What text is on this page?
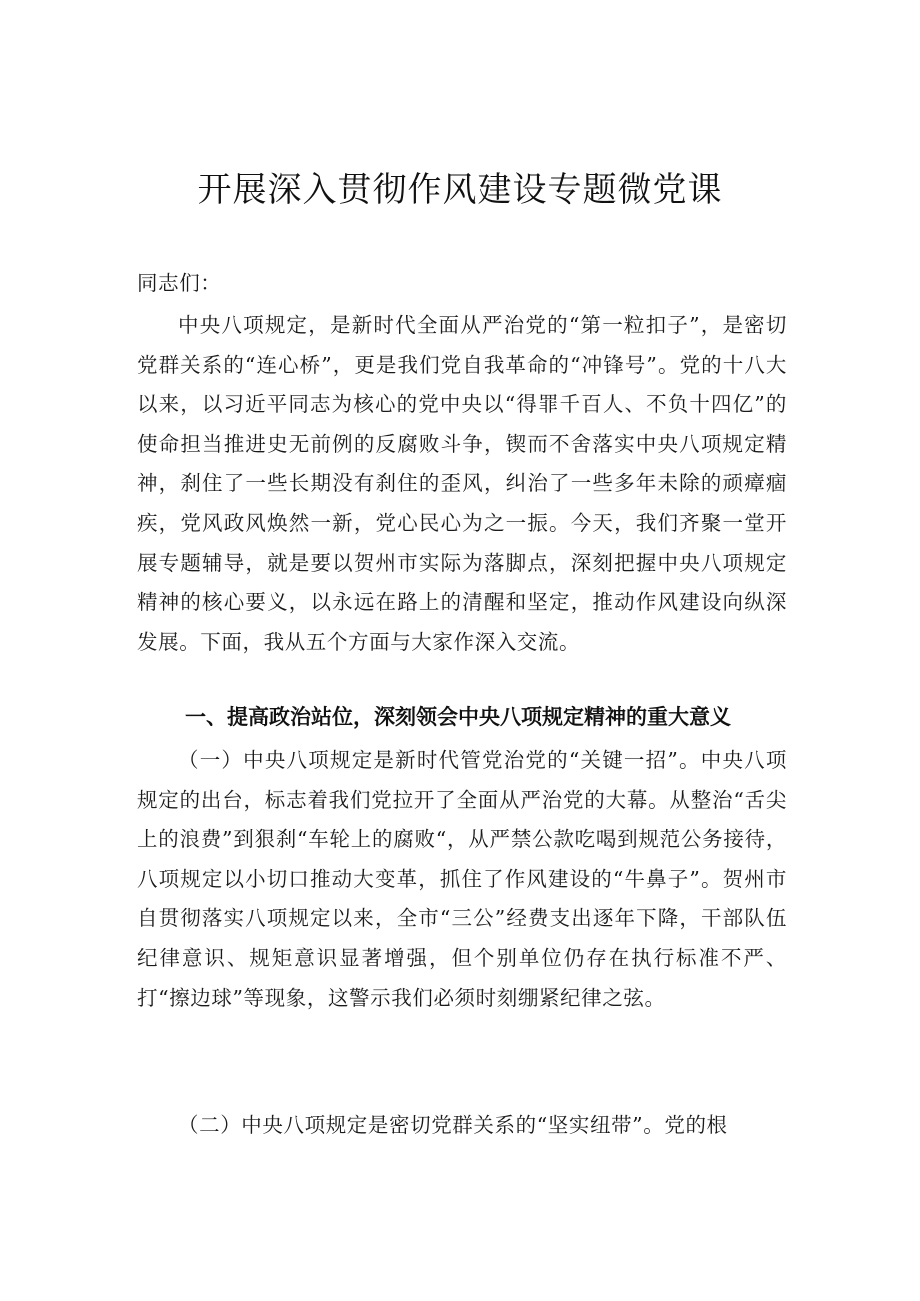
开展深入贯彻作风建设专题微党课

同志们：

中央八项规定，是新时代全面从严治党的“第一粒扣子”，是密切党群关系的“连心桥”，更是我们党自我革命的“冲锋号”。党的十八大以来，以习近平同志为核心的党中央以“得罪千百人、不负十四亿”的使命担当推进史无前例的反腐败斗争，锲而不舍落实中央八项规定精神，刹住了一些长期没有刹住的歪风，纠治了一些多年未除的顽瘴痼疾，党风政风焕然一新，党心民心为之一振。今天，我们齐聚一堂开展专题辅导，就是要以贺州市实际为落脚点，深刻把握中央八项规定精神的核心要义，以永远在路上的清醒和坚定，推动作风建设向纵深发展。下面，我从五个方面与大家作深入交流。

一、提高政治站位，深刻领会中央八项规定精神的重大意义

（一）中央八项规定是新时代管党治党的“关键一招”。中央八项规定的出台，标志着我们党拉开了全面从严治党的大幕。从整治“舌尖上的浪费”到狠刹“车轮上的腐败“，从严禁公款吃喝到规范公务接待，八项规定以小切口推动大变革，抓住了作风建设的“牛鼻子”。贺州市自贯彻落实八项规定以来，全市“三公”经费支出逐年下降，干部队伍纪律意识、规矩意识显著增强，但个别单位仍存在执行标准不严、打“擦边球”等现象，这警示我们必须时刻绷紧纪律之弦。

（二）中央八项规定是密切党群关系的“坚实纽带”。党的根
